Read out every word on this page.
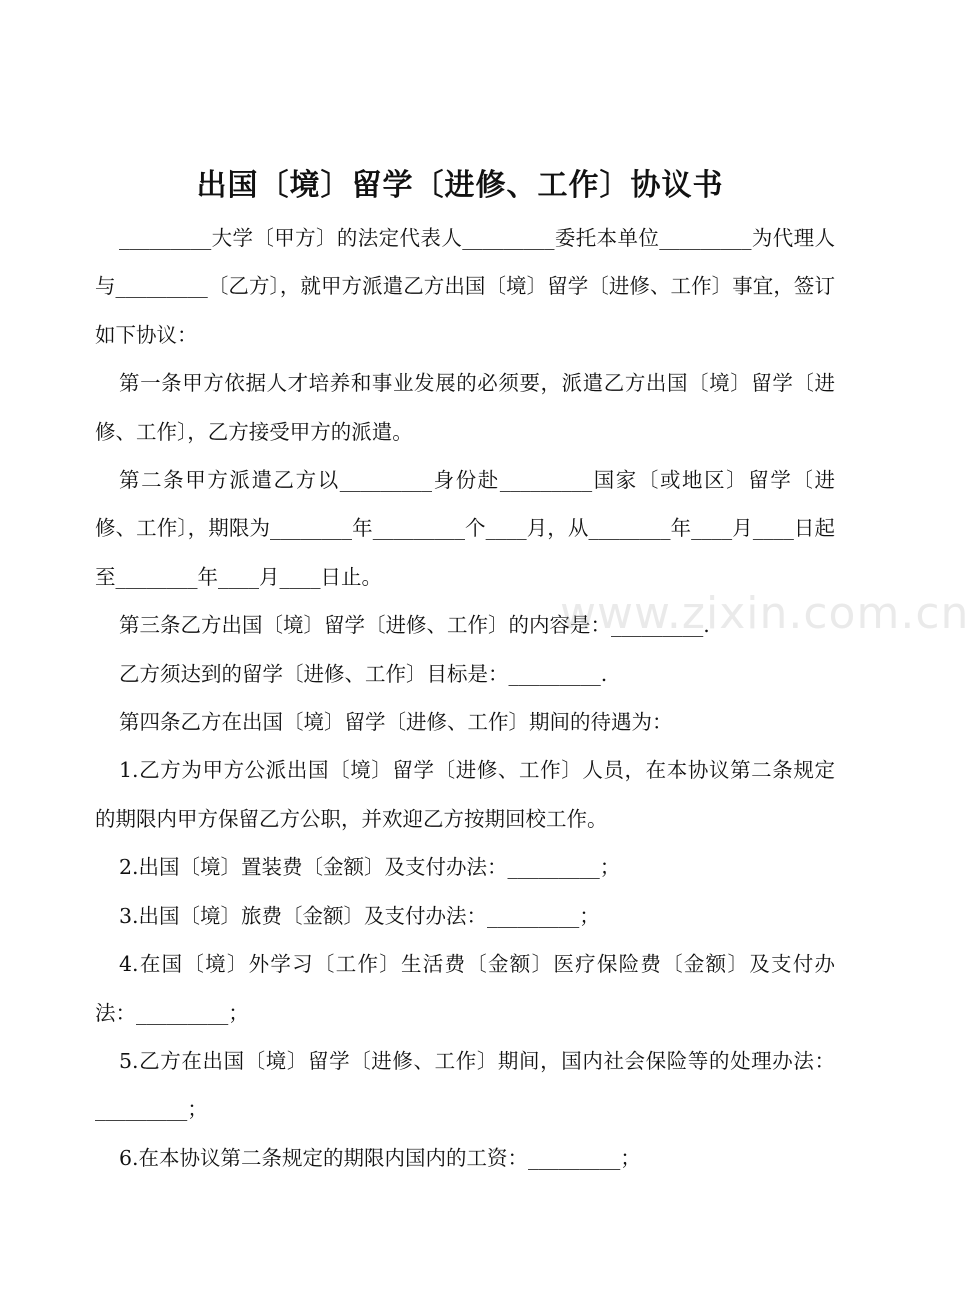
出国〔境〕留学〔进修、工作〕协议书

_________大学〔甲方〕的法定代表人_________委托本单位_________为代理人与_________〔乙方〕，就甲方派遣乙方出国〔境〕留学〔进修、工作〕事宜，签订如下协议：

第一条甲方依据人才培养和事业发展的必须要，派遣乙方出国〔境〕留学〔进修、工作〕，乙方接受甲方的派遣。

第二条甲方派遣乙方以_________身份赴_________国家〔或地区〕留学〔进修、工作〕，期限为________年_________个____月，从________年____月____日起至________年____月____日止。

第三条乙方出国〔境〕留学〔进修、工作〕的内容是：_________.

乙方须达到的留学〔进修、工作〕目标是：_________.

第四条乙方在出国〔境〕留学〔进修、工作〕期间的待遇为：

1.乙方为甲方公派出国〔境〕留学〔进修、工作〕人员，在本协议第二条规定的期限内甲方保留乙方公职，并欢迎乙方按期回校工作。

2.出国〔境〕置装费〔金额〕及支付办法：_________；

3.出国〔境〕旅费〔金额〕及支付办法：_________；

4.在国〔境〕外学习〔工作〕生活费〔金额〕医疗保险费〔金额〕及支付办法：_________；

5.乙方在出国〔境〕留学〔进修、工作〕期间，国内社会保险等的处理办法：_________；

6.在本协议第二条规定的期限内国内的工资：_________；

www.zixin.com.cn
